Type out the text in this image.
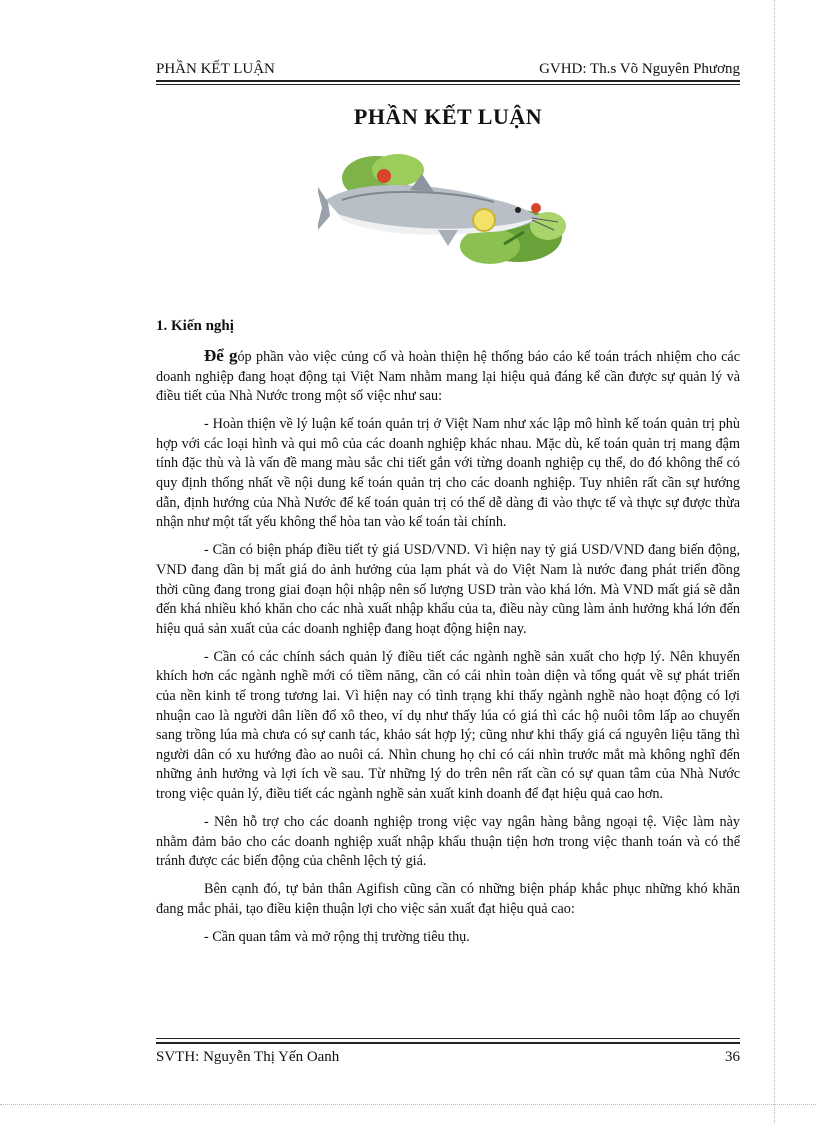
PHẦN KẾT LUẬN	GVHD: Th.s Võ Nguyên Phương
PHẦN KẾT LUẬN
1. Kiến nghị

Để góp phần vào việc củng cố và hoàn thiện hệ thống báo cáo kế toán trách nhiệm cho các doanh nghiệp đang hoạt động tại Việt Nam nhằm mang lại hiệu quả đáng kể cần được sự quản lý và điều tiết của Nhà Nước trong một số việc như sau:

- Hoàn thiện về lý luận kế toán quản trị ở Việt Nam như xác lập mô hình kế toán quản trị phù hợp với các loại hình và qui mô của các doanh nghiệp khác nhau. Mặc dù, kế toán quản trị mang đậm tính đặc thù và là vấn đề mang màu sắc chi tiết gắn với từng doanh nghiệp cụ thể, do đó không thể có quy định thống nhất về nội dung kế toán quản trị cho các doanh nghiệp. Tuy nhiên rất cần sự hướng dẫn, định hướng của Nhà Nước để kế toán quản trị có thể dễ dàng đi vào thực tế và thực sự được thừa nhận như một tất yếu không thể hòa tan vào kế toán tài chính.

- Cần có biện pháp điều tiết tỷ giá USD/VND. Vì hiện nay tỷ giá USD/VND đang biến động, VND đang dần bị mất giá do ảnh hưởng của lạm phát và do Việt Nam là nước đang phát triển đồng thời cũng đang trong giai đoạn hội nhập nên số lượng USD tràn vào khá lớn. Mà VND mất giá sẽ dẫn đến khá nhiều khó khăn cho các nhà xuất nhập khẩu của ta, điều này cũng làm ảnh hưởng khá lớn đến hiệu quả sản xuất của các doanh nghiệp đang hoạt động hiện nay.

- Cần có các chính sách quản lý điều tiết các ngành nghề sản xuất cho hợp lý. Nên khuyến khích hơn các ngành nghề mới có tiềm năng, cần có cái nhìn toàn diện và tổng quát về sự phát triển của nền kinh tế trong tương lai. Vì hiện nay có tình trạng khi thấy ngành nghề nào hoạt động có lợi nhuận cao là người dân liền đổ xô theo, ví dụ như thấy lúa có giá thì các hộ nuôi tôm lấp ao chuyển sang trồng lúa mà chưa có sự canh tác, khảo sát hợp lý; cũng như khi thấy giá cá nguyên liệu tăng thì người dân có xu hướng đào ao nuôi cá. Nhìn chung họ chỉ có cái nhìn trước mắt mà không nghĩ đến những ảnh hưởng và lợi ích về sau. Từ những lý do trên nên rất cần có sự quan tâm của Nhà Nước trong việc quản lý, điều tiết các ngành nghề sản xuất kinh doanh để đạt hiệu quả cao hơn.

- Nên hỗ trợ cho các doanh nghiệp trong việc vay ngân hàng bằng ngoại tệ. Việc làm này nhằm đảm bảo cho các doanh nghiệp xuất nhập khẩu thuận tiện hơn trong việc thanh toán và có thể tránh được các biến động của chênh lệch tỷ giá.

Bên cạnh đó, tự bản thân Agifish cũng cần có những biện pháp khắc phục những khó khăn đang mắc phải, tạo điều kiện thuận lợi cho việc sản xuất đạt hiệu quả cao:

- Cần quan tâm và mở rộng thị trường tiêu thụ.

SVTH: Nguyễn Thị Yến Oanh	36
